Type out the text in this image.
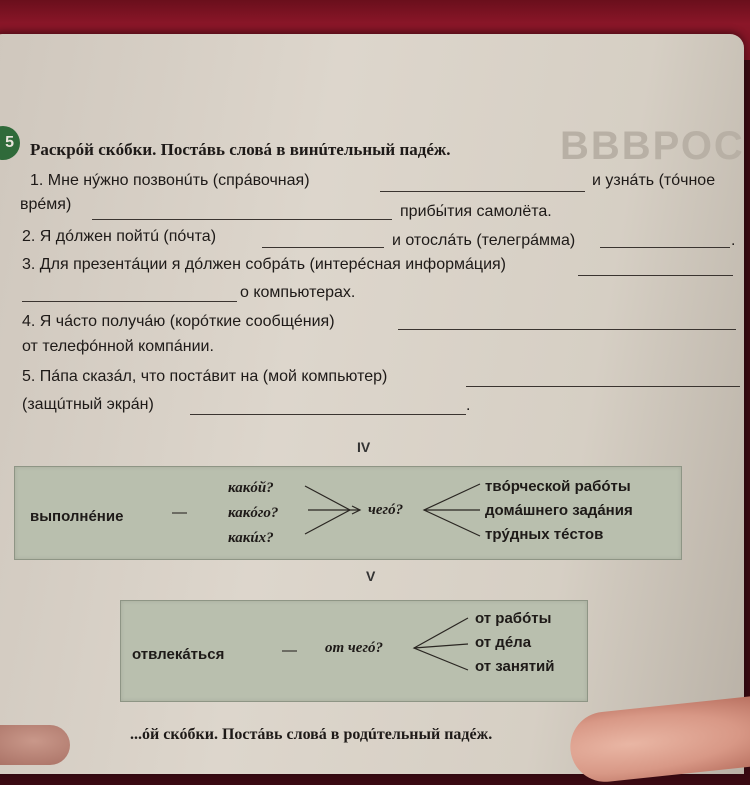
ВВВРОС
5 Раскрóй скóбки. Постáвь словá в винúтельный падéж.
1. Мне нýжно позвонúть (спрáвочная)	и узнáть (тóчное
врéмя)	прибы́тия самолёта.
2. Я дóлжен пойтú (пóчта)	и отослáть (телегрáмма)	.
3. Для презентáции я дóлжен собрáть (интерéсная информáция)
о компьютерах.
4. Я чáсто получáю (корóткие сообщéния)
от телефóнной компáнии.
5. Пáпа сказáл, что постáвит на (мой компьютер)
(защúтный экрáн)	.
IV
выполнéние	—
какóй?
какóго?
какúх?
чегó?
твóрческой рабóты
домáшнего задáния
трýдных тéстов
V
отвлекáться	— от чегó?
от рабóты
от дéла
от занятий
...óй скóбки. Постáвь словá в родúтельный падéж.
